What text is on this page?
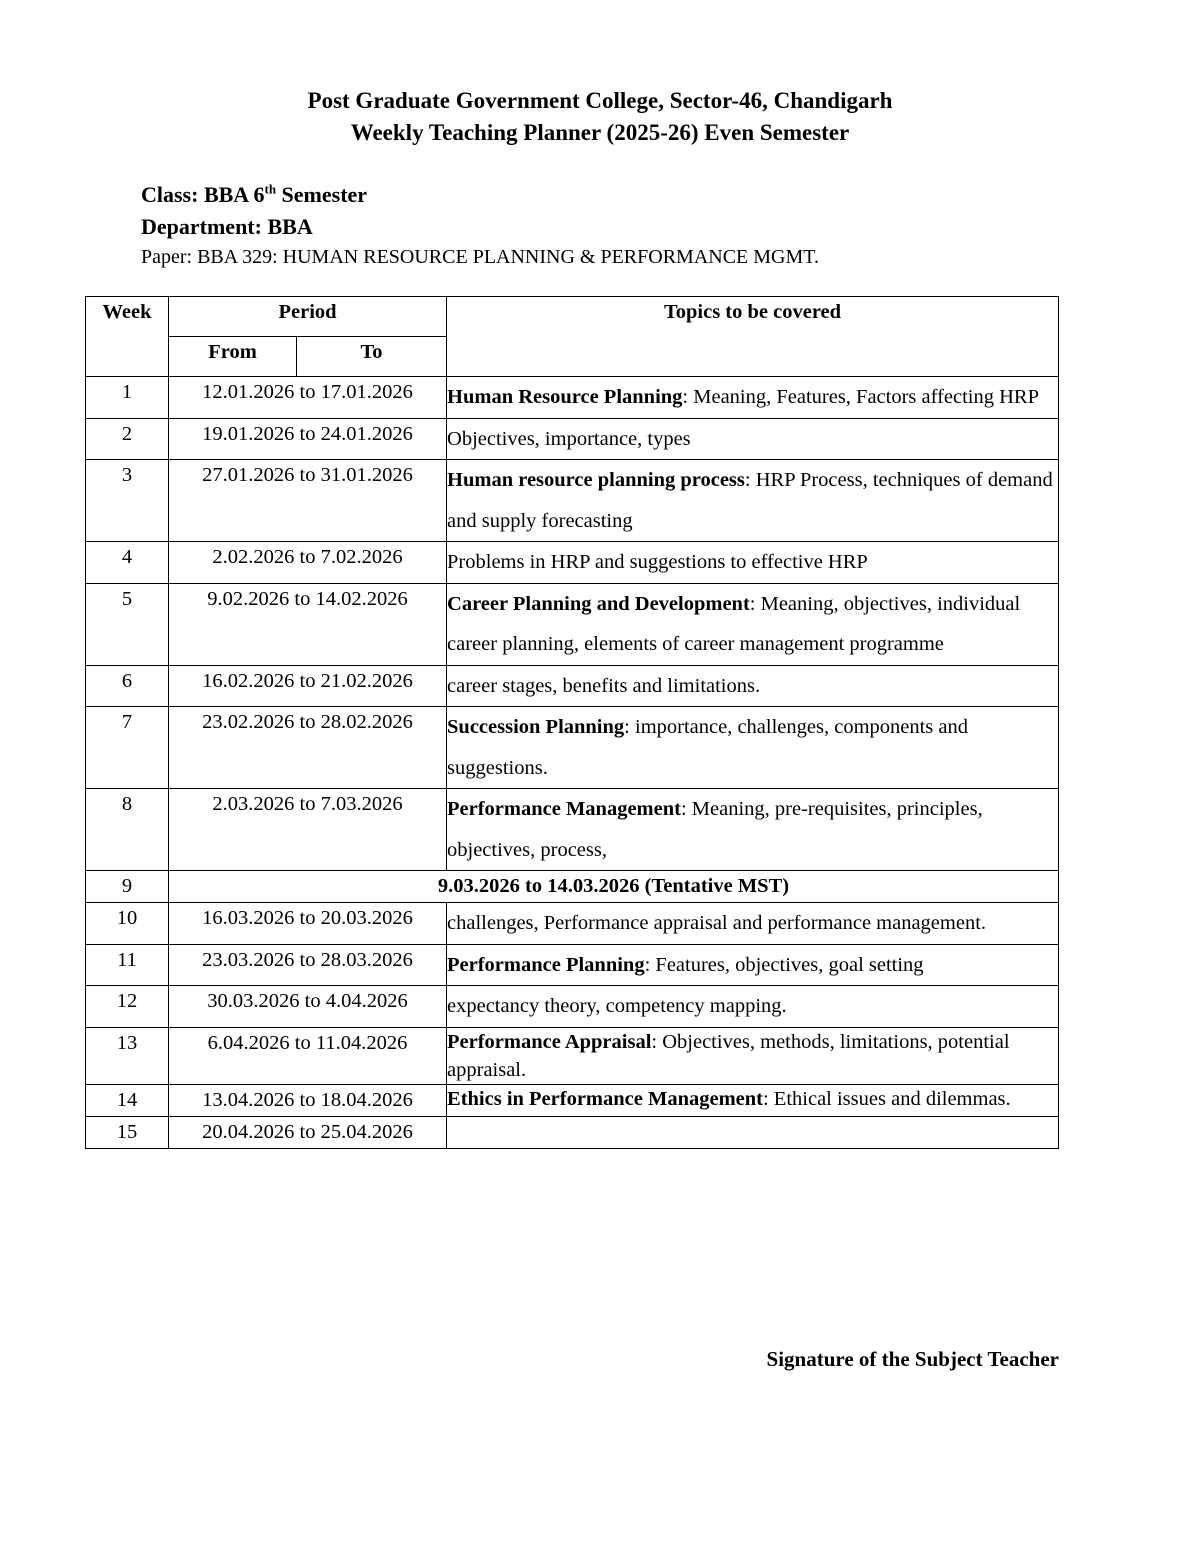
Post Graduate Government College, Sector-46, Chandigarh
Weekly Teaching Planner (2025-26) Even Semester
Class: BBA 6th Semester
Department: BBA
Paper: BBA 329: HUMAN RESOURCE PLANNING & PERFORMANCE MGMT.
Week	Period		Topics to be covered
	From	To	
1	12.01.2026 to 17.01.2026		Human Resource Planning: Meaning, Features, Factors affecting HRP
2	19.01.2026 to 24.01.2026		Objectives, importance, types
3	27.01.2026 to 31.01.2026		Human resource planning process: HRP Process, techniques of demand and supply forecasting
4	2.02.2026 to 7.02.2026		Problems in HRP and suggestions to effective HRP
5	9.02.2026 to 14.02.2026		Career Planning and Development: Meaning, objectives, individual career planning, elements of career management programme
6	16.02.2026 to 21.02.2026		career stages, benefits and limitations.
7	23.02.2026 to 28.02.2026		Succession Planning: importance, challenges, components and suggestions.
8	2.03.2026 to 7.03.2026		Performance Management: Meaning, pre-requisites, principles, objectives, process,
9	9.03.2026 to 14.03.2026 (Tentative MST)		
10	16.03.2026 to 20.03.2026		challenges, Performance appraisal and performance management.
11	23.03.2026 to 28.03.2026		Performance Planning: Features, objectives, goal setting
12	30.03.2026 to 4.04.2026		expectancy theory, competency mapping.
13	6.04.2026 to 11.04.2026		Performance Appraisal: Objectives, methods, limitations, potential appraisal.
14	13.04.2026 to 18.04.2026		Ethics in Performance Management: Ethical issues and dilemmas.
15	20.04.2026 to 25.04.2026		
Signature of the Subject Teacher
